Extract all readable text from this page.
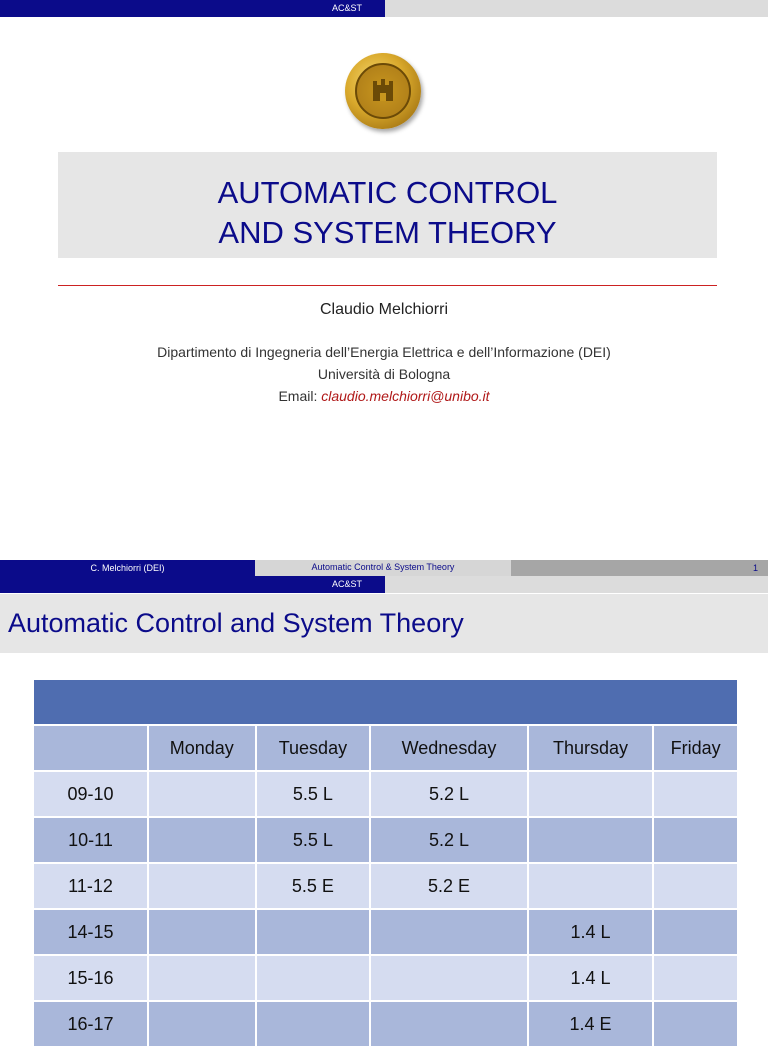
AC&ST
AUTOMATIC CONTROL
AND SYSTEM THEORY
Claudio Melchiorri
Dipartimento di Ingegneria dell’Energia Elettrica e dell’Informazione (DEI)
Università di Bologna
Email: claudio.melchiorri@unibo.it
C. Melchiorri (DEI)	Automatic Control & System Theory	1
AC&ST
Automatic Control and System Theory

	Monday	Tuesday	Wednesday	Thursday	Friday
09-10		5.5 L	5.2 L		
10-11		5.5 L	5.2 L		
11-12		5.5 E	5.2 E		
14-15				1.4 L	
15-16				1.4 L	
16-17				1.4 E	
